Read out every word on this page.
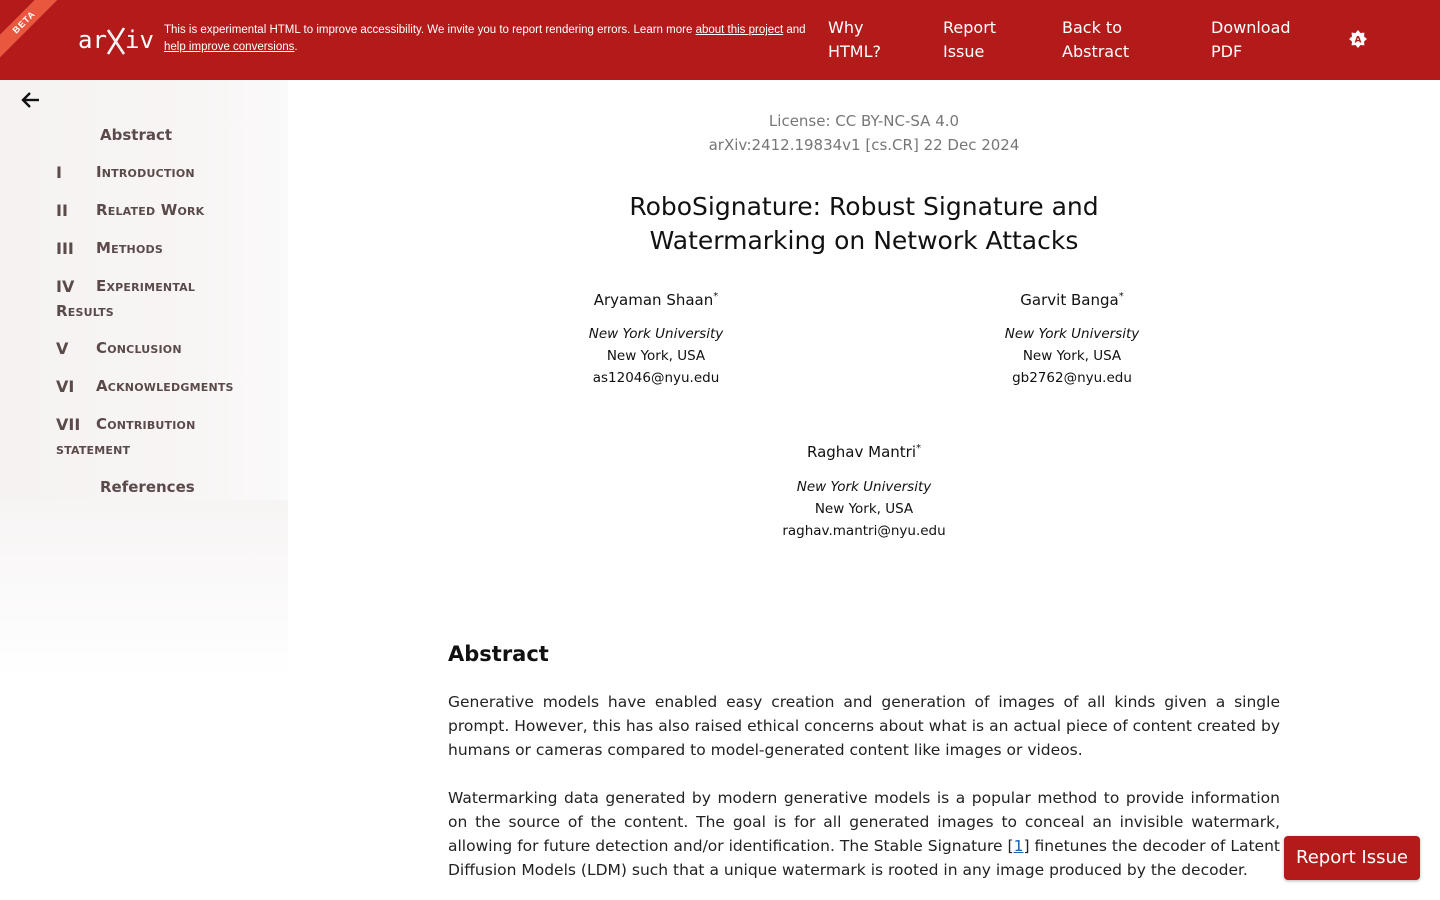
BETA
ar iv This is experimental HTML to improve accessibility. We invite you to report rendering errors. Learn more about this project and help improve conversions.
Why
HTML?
Report
Issue
Back to
Abstract
Download
PDF
A
Abstract
I Introduction
II Related Work
III Methods
IV Experimental
Results
V Conclusion
VI Acknowledgments
VII Contribution
statement
References
License: CC BY-NC-SA 4.0
arXiv:2412.19834v1 [cs.CR] 22 Dec 2024
RoboSignature: Robust Signature and
Watermarking on Network Attacks
Aryaman Shaan*
New York University
New York, USA
as12046@nyu.edu
Garvit Banga*
New York University
New York, USA
gb2762@nyu.edu
Raghav Mantri*
New York University
New York, USA
raghav.mantri@nyu.edu
Abstract

Generative models have enabled easy creation and generation of images of all kinds given a single prompt. However, this has also raised ethical concerns about what is an actual piece of content created by humans or cameras compared to model-generated content like images or videos.

Watermarking data generated by modern generative models is a popular method to provide information on the source of the content. The goal is for all generated images to conceal an invisible watermark, allowing for future detection and/or identification. The Stable Signature [1] finetunes the decoder of Latent Diffusion Models (LDM) such that a unique watermark is rooted in any image produced by the decoder.

Report Issue
